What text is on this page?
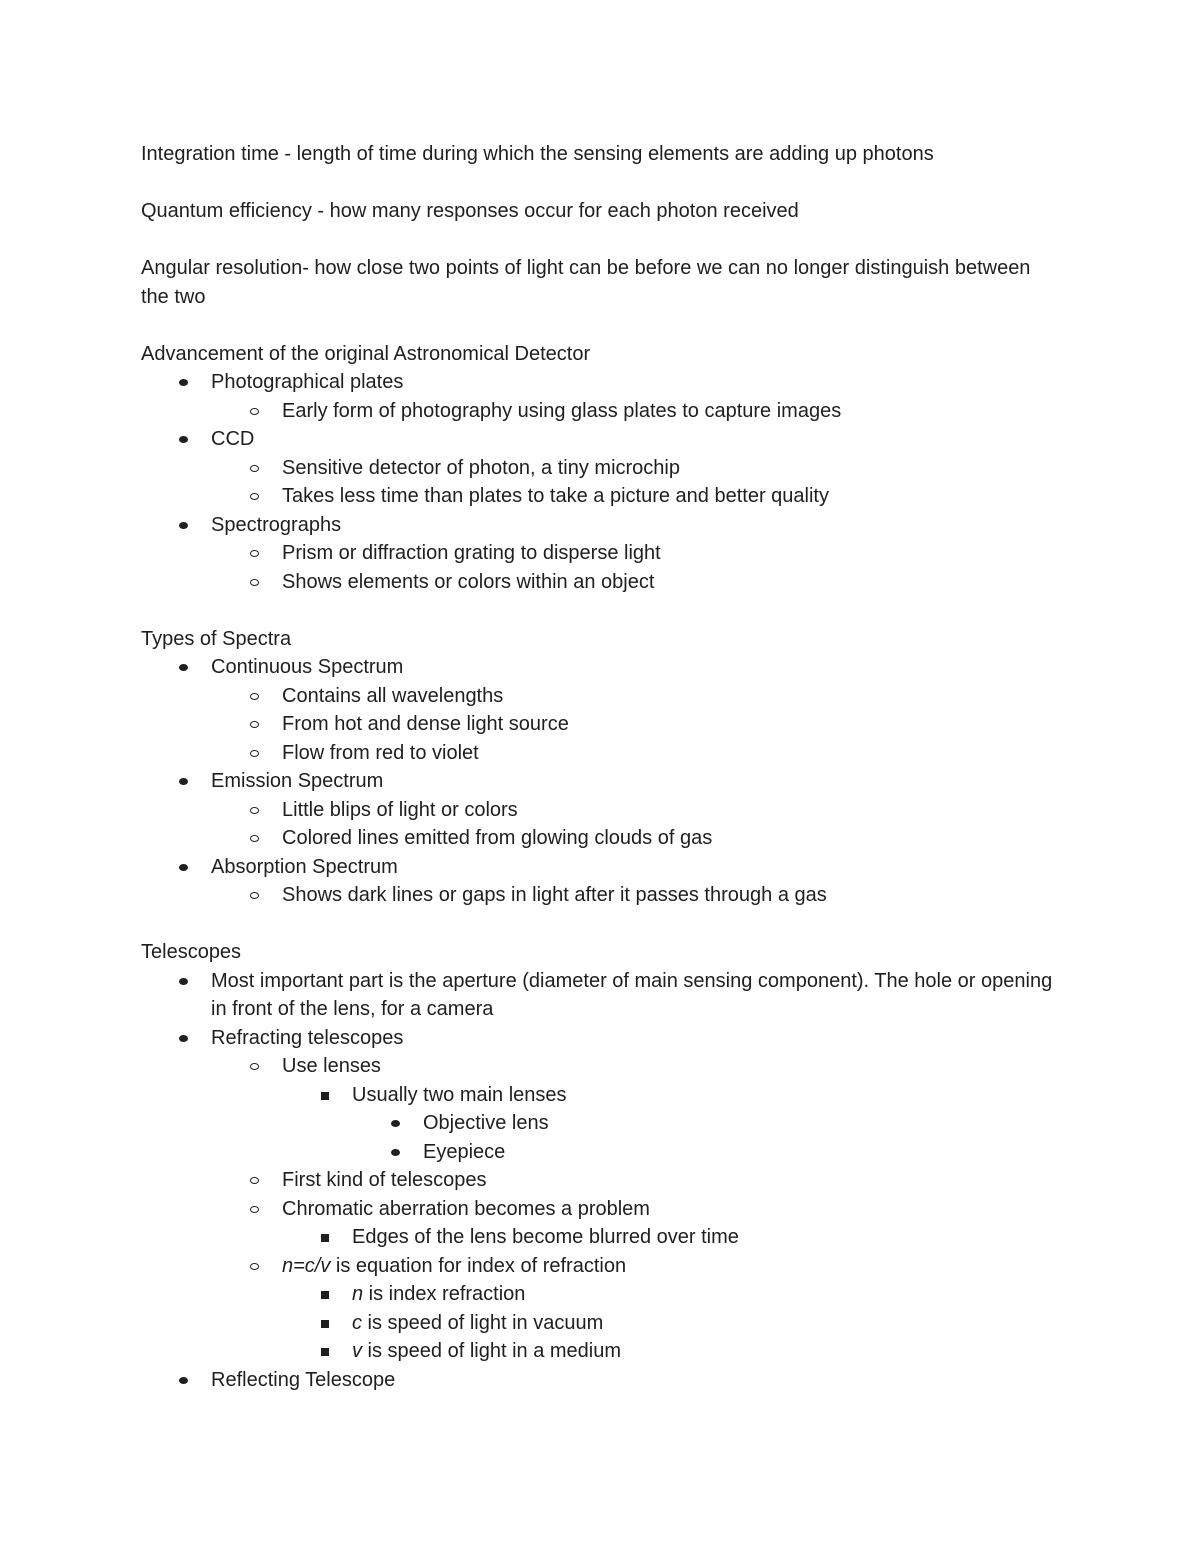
Integration time - length of time during which the sensing elements are adding up photons

Quantum efficiency - how many responses occur for each photon received

Angular resolution- how close two points of light can be before we can no longer distinguish between the two

Advancement of the original Astronomical Detector

Photographical plates
Early form of photography using glass plates to capture images
CCD
Sensitive detector of photon, a tiny microchip
Takes less time than plates to take a picture and better quality
Spectrographs
Prism or diffraction grating to disperse light
Shows elements or colors within an object

Types of Spectra

Continuous Spectrum
Contains all wavelengths
From hot and dense light source
Flow from red to violet
Emission Spectrum
Little blips of light or colors
Colored lines emitted from glowing clouds of gas
Absorption Spectrum
Shows dark lines or gaps in light after it passes through a gas

Telescopes

Most important part is the aperture (diameter of main sensing component). The hole or opening in front of the lens, for a camera
Refracting telescopes
Use lenses
Usually two main lenses
Objective lens
Eyepiece
First kind of telescopes
Chromatic aberration becomes a problem
Edges of the lens become blurred over time
n=c/v is equation for index of refraction
n is index refraction
c is speed of light in vacuum
v is speed of light in a medium
Reflecting Telescope
